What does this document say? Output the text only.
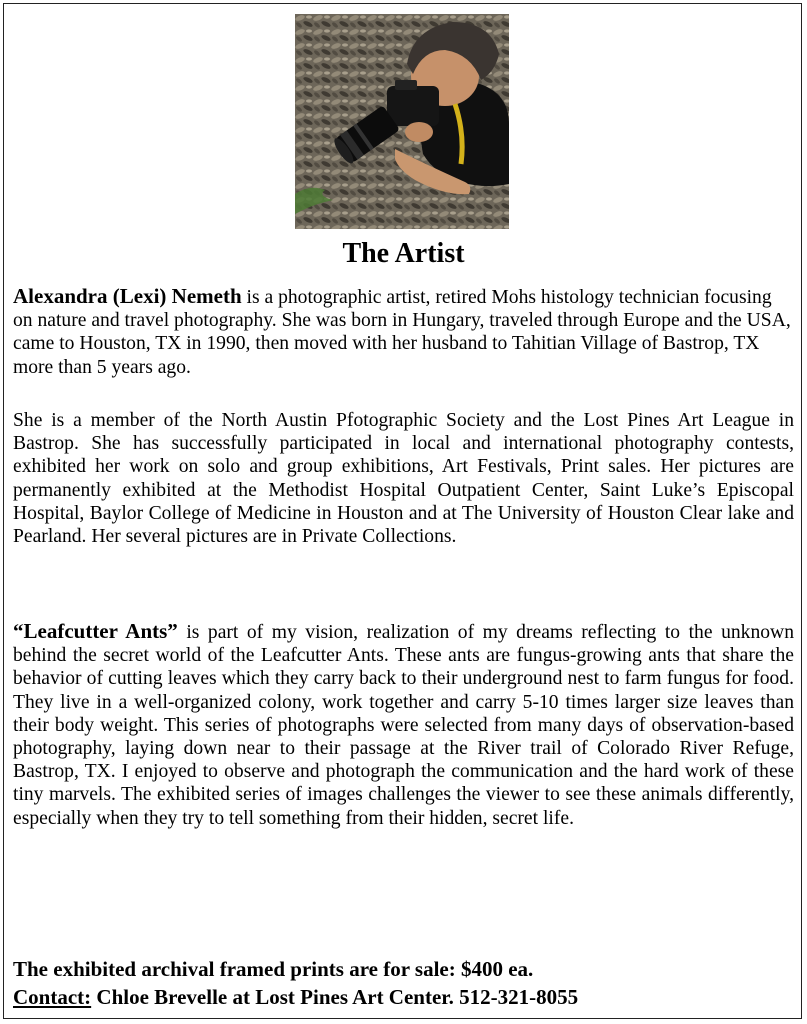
The Artist

Alexandra (Lexi) Nemeth is a photographic artist, retired Mohs histology technician focusing on nature and travel photography. She was born in Hungary, traveled through Europe and the USA, came to Houston, TX in 1990, then moved with her husband to Tahitian Village of Bastrop, TX more than 5 years ago.

She is a member of the North Austin Pfotographic Society and the Lost Pines Art League in Bastrop. She has successfully participated in local and international photography contests, exhibited her work on solo and group exhibitions, Art Festivals, Print sales. Her pictures are permanently exhibited at the Methodist Hospital Outpatient Center, Saint Luke’s Episcopal Hospital, Baylor College of Medicine in Houston and at The University of Houston Clear lake and Pearland. Her several pictures are in Private Collections.

“Leafcutter Ants” is part of my vision, realization of my dreams reflecting to the unknown behind the secret world of the Leafcutter Ants. These ants are fungus-growing ants that share the behavior of cutting leaves which they carry back to their underground nest to farm fungus for food. They live in a well-organized colony, work together and carry 5-10 times larger size leaves than their body weight. This series of photographs were selected from many days of observation-based photography, laying down near to their passage at the River trail of Colorado River Refuge, Bastrop, TX. I enjoyed to observe and photograph the communication and the hard work of these tiny marvels. The exhibited series of images challenges the viewer to see these animals differently, especially when they try to tell something from their hidden, secret life.

The exhibited archival framed prints are for sale: $400 ea.

Contact: Chloe Brevelle at Lost Pines Art Center. 512-321-8055
